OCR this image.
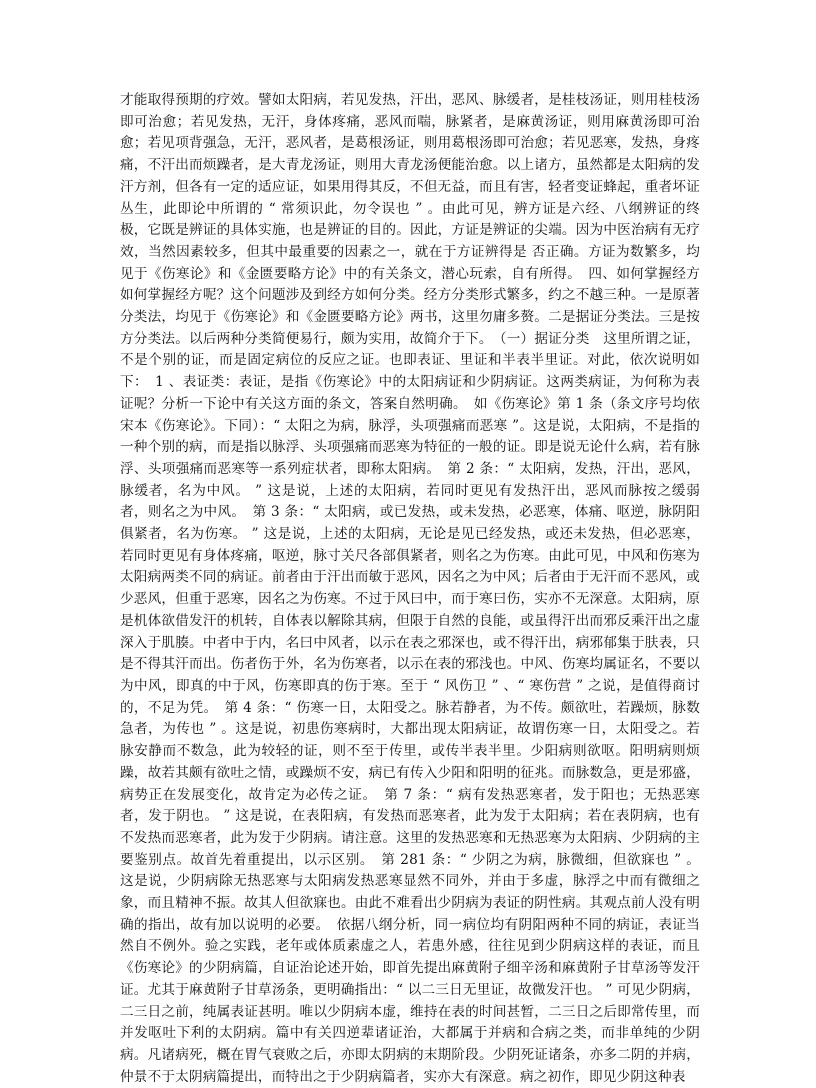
才能取得预期的疗效。譬如太阳病，若见发热，汗出，恶风、脉缓者，是桂枝汤证，则用桂枝汤即可治愈；若见发热，无汗，身体疼痛，恶风而喘，脉紧者，是麻黄汤证，则用麻黄汤即可治愈；若见项背强急，无汗，恶风者，是葛根汤证，则用葛根汤即可治愈；若见恶寒，发热，身疼痛，不汗出而烦躁者，是大青龙汤证，则用大青龙汤便能治愈。以上诸方，虽然都是太阳病的发汗方剂，但各有一定的适应证，如果用得其反，不但无益，而且有害，轻者变证蜂起，重者坏证丛生，此即论中所谓的 “ 常须识此，勿令误也 ” 。由此可见，辨方证是六经、八纲辨证的终极，它既是辨证的具体实施，也是辨证的目的。因此，方证是辨证的尖端。因为中医治病有无疗效，当然因素较多，但其中最重要的因素之一，就在于方证辨得是 否正确。方证为数繁多，均见于《伤寒论》和《金匮要略方论》中的有关条文，潜心玩索，自有所得。　四、如何掌握经方　如何掌握经方呢？这个问题涉及到经方如何分类。经方分类形式繁多，约之不越三种。一是原著分类法，均见于《伤寒论》和《金匮要略方论》两书，这里勿庸多赘。二是据证分类法。三是按方分类法。以后两种分类简便易行，颇为实用，故简介于下。　（一）据证分类　这里所谓之证，不是个别的证，而是固定病位的反应之证。也即表证、里证和半表半里证。对此，依次说明如下：　1 、表证类：表证，是指《伤寒论》中的太阳病证和少阴病证。这两类病证，为何称为表证呢？分析一下论中有关这方面的条文，答案自然明确。　如《伤寒论》第 1 条（条文序号均依宋本《伤寒论》。下同）：“ 太阳之为病，脉浮，头项强痛而恶寒 ”。这是说，太阳病，不是指的一种个别的病，而是指以脉浮、头项强痛而恶寒为特征的一般的证。即是说无论什么病，若有脉浮、头项强痛而恶寒等一系列症状者，即称太阳病。　第 2 条：“ 太阳病，发热，汗出，恶风，脉缓者，名为中风。 ” 这是说，上述的太阳病，若同时更见有发热汗出，恶风而脉按之缓弱者，则名之为中风。　第 3 条：“ 太阳病，或已发热，或未发热，必恶寒，体痛、呕逆，脉阴阳俱紧者，名为伤寒。 ” 这是说，上述的太阳病，无论是见已经发热，或还未发热，但必恶寒，若同时更见有身体疼痛，呕逆，脉寸关尺各部俱紧者，则名之为伤寒。由此可见，中风和伤寒为太阳病两类不同的病证。前者由于汗出而敏于恶风，因名之为中风；后者由于无汗而不恶风，或少恶风，但重于恶寒，因名之为伤寒。不过于风曰中，而于寒曰伤，实亦不无深意。太阳病，原是机体欲借发汗的机转，自体表以解除其病，但限于自然的良能，或虽得汗出而邪反乘汗出之虚深入于肌腠。中者中于内，名曰中风者，以示在表之邪深也，或不得汗出，病邪郁集于肤表，只是不得其汗而出。伤者伤于外，名为伤寒者，以示在表的邪浅也。中风、伤寒均属证名，不要以为中风，即真的中于风，伤寒即真的伤于寒。至于 “ 风伤卫 ” 、“ 寒伤营 ” 之说，是值得商讨的，不足为凭。　第 4 条：“ 伤寒一日，太阳受之。脉若静者，为不传。颇欲吐，若躁烦，脉数急者，为传也 ” 。这是说，初患伤寒病时，大都出现太阳病证，故谓伤寒一日，太阳受之。若脉安静而不数急，此为较轻的证，则不至于传里，或传半表半里。少阳病则欲呕。阳明病则烦躁，故若其颇有欲吐之情，或躁烦不安，病已有传入少阳和阳明的征兆。而脉数急，更是邪盛，病势正在发展变化，故肯定为必传之证。　第 7 条：“ 病有发热恶寒者，发于阳也；无热恶寒者，发于阴也。 ” 这是说，在表阳病，有发热而恶寒者，此为发于太阳病；若在表阴病，也有不发热而恶寒者，此为发于少阴病。请注意。这里的发热恶寒和无热恶寒为太阳病、少阴病的主要鉴别点。故首先着重提出，以示区别。　第 281 条：“ 少阴之为病，脉微细，但欲寐也 ” 。这是说，少阴病除无热恶寒与太阳病发热恶寒显然不同外，并由于多虚，脉浮之中而有微细之象，而且精神不振。故其人但欲寐也。由此不难看出少阴病为表证的阴性病。其观点前人没有明确的指出，故有加以说明的必要。　依据八纲分析，同一病位均有阴阳两种不同的病证，表证当然自不例外。验之实践，老年或体质素虚之人，若患外感，往往见到少阴病这样的表证，而且《伤寒论》的少阴病篇，自证治论述开始，即首先提出麻黄附子细辛汤和麻黄附子甘草汤等发汗证。尤其于麻黄附子甘草汤条，更明确指出：“ 以二三日无里证，故微发汗也。 ” 可见少阴病，二三日之前，纯属表证甚明。唯以少阴病本虚，维持在表的时间甚暂，二三日之后即常传里，而并发呕吐下利的太阴病。篇中有关四逆辈诸证治，大都属于并病和合病之类，而非单纯的少阴病。凡诸病死，概在胃气衰败之后，亦即太阴病的末期阶段。少阴死证诸条，亦多二阴的并病，仲景不于太阴病篇提出，而特出之于少阴病篇者，实亦大有深意。病之初作，即见少阴这种表
